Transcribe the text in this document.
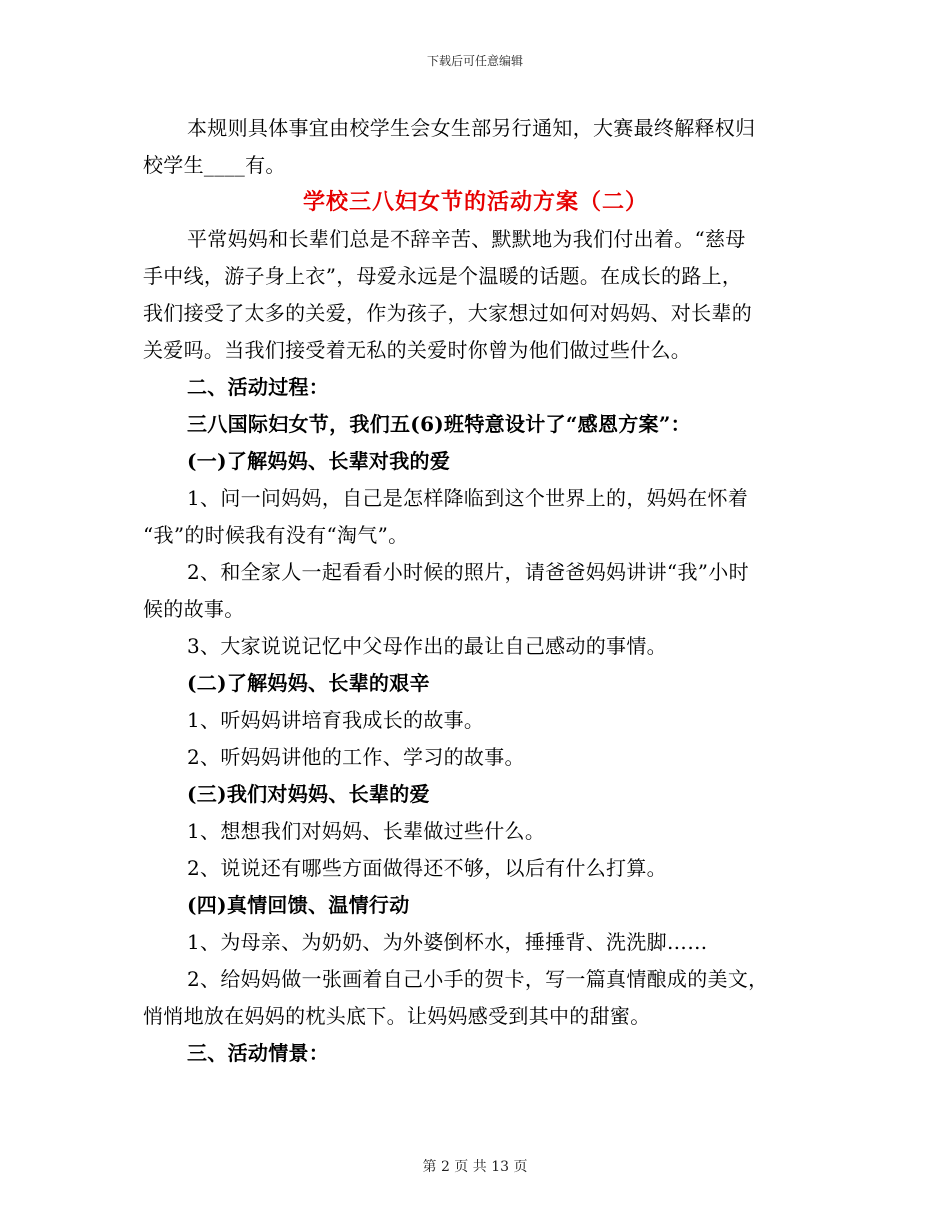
下载后可任意编辑
本规则具体事宜由校学生会女生部另行通知，大赛最终解释权归
校学生____有。
学校三八妇女节的活动方案（二）
平常妈妈和长辈们总是不辞辛苦、默默地为我们付出着。“慈母
手中线，游子身上衣”，母爱永远是个温暖的话题。在成长的路上，
我们接受了太多的关爱，作为孩子，大家想过如何对妈妈、对长辈的
关爱吗。当我们接受着无私的关爱时你曾为他们做过些什么。
二、活动过程：
三八国际妇女节，我们五(6)班特意设计了“感恩方案”：
(一)了解妈妈、长辈对我的爱
1、问一问妈妈，自己是怎样降临到这个世界上的，妈妈在怀着
“我”的时候我有没有“淘气”。
2、和全家人一起看看小时候的照片，请爸爸妈妈讲讲“我”小时
候的故事。
3、大家说说记忆中父母作出的最让自己感动的事情。
(二)了解妈妈、长辈的艰辛
1、听妈妈讲培育我成长的故事。
2、听妈妈讲他的工作、学习的故事。
(三)我们对妈妈、长辈的爱
1、想想我们对妈妈、长辈做过些什么。
2、说说还有哪些方面做得还不够，以后有什么打算。
(四)真情回馈、温情行动
1、为母亲、为奶奶、为外婆倒杯水，捶捶背、洗洗脚……
2、给妈妈做一张画着自己小手的贺卡，写一篇真情酿成的美文，
悄悄地放在妈妈的枕头底下。让妈妈感受到其中的甜蜜。
三、活动情景：
第 2 页 共 13 页
